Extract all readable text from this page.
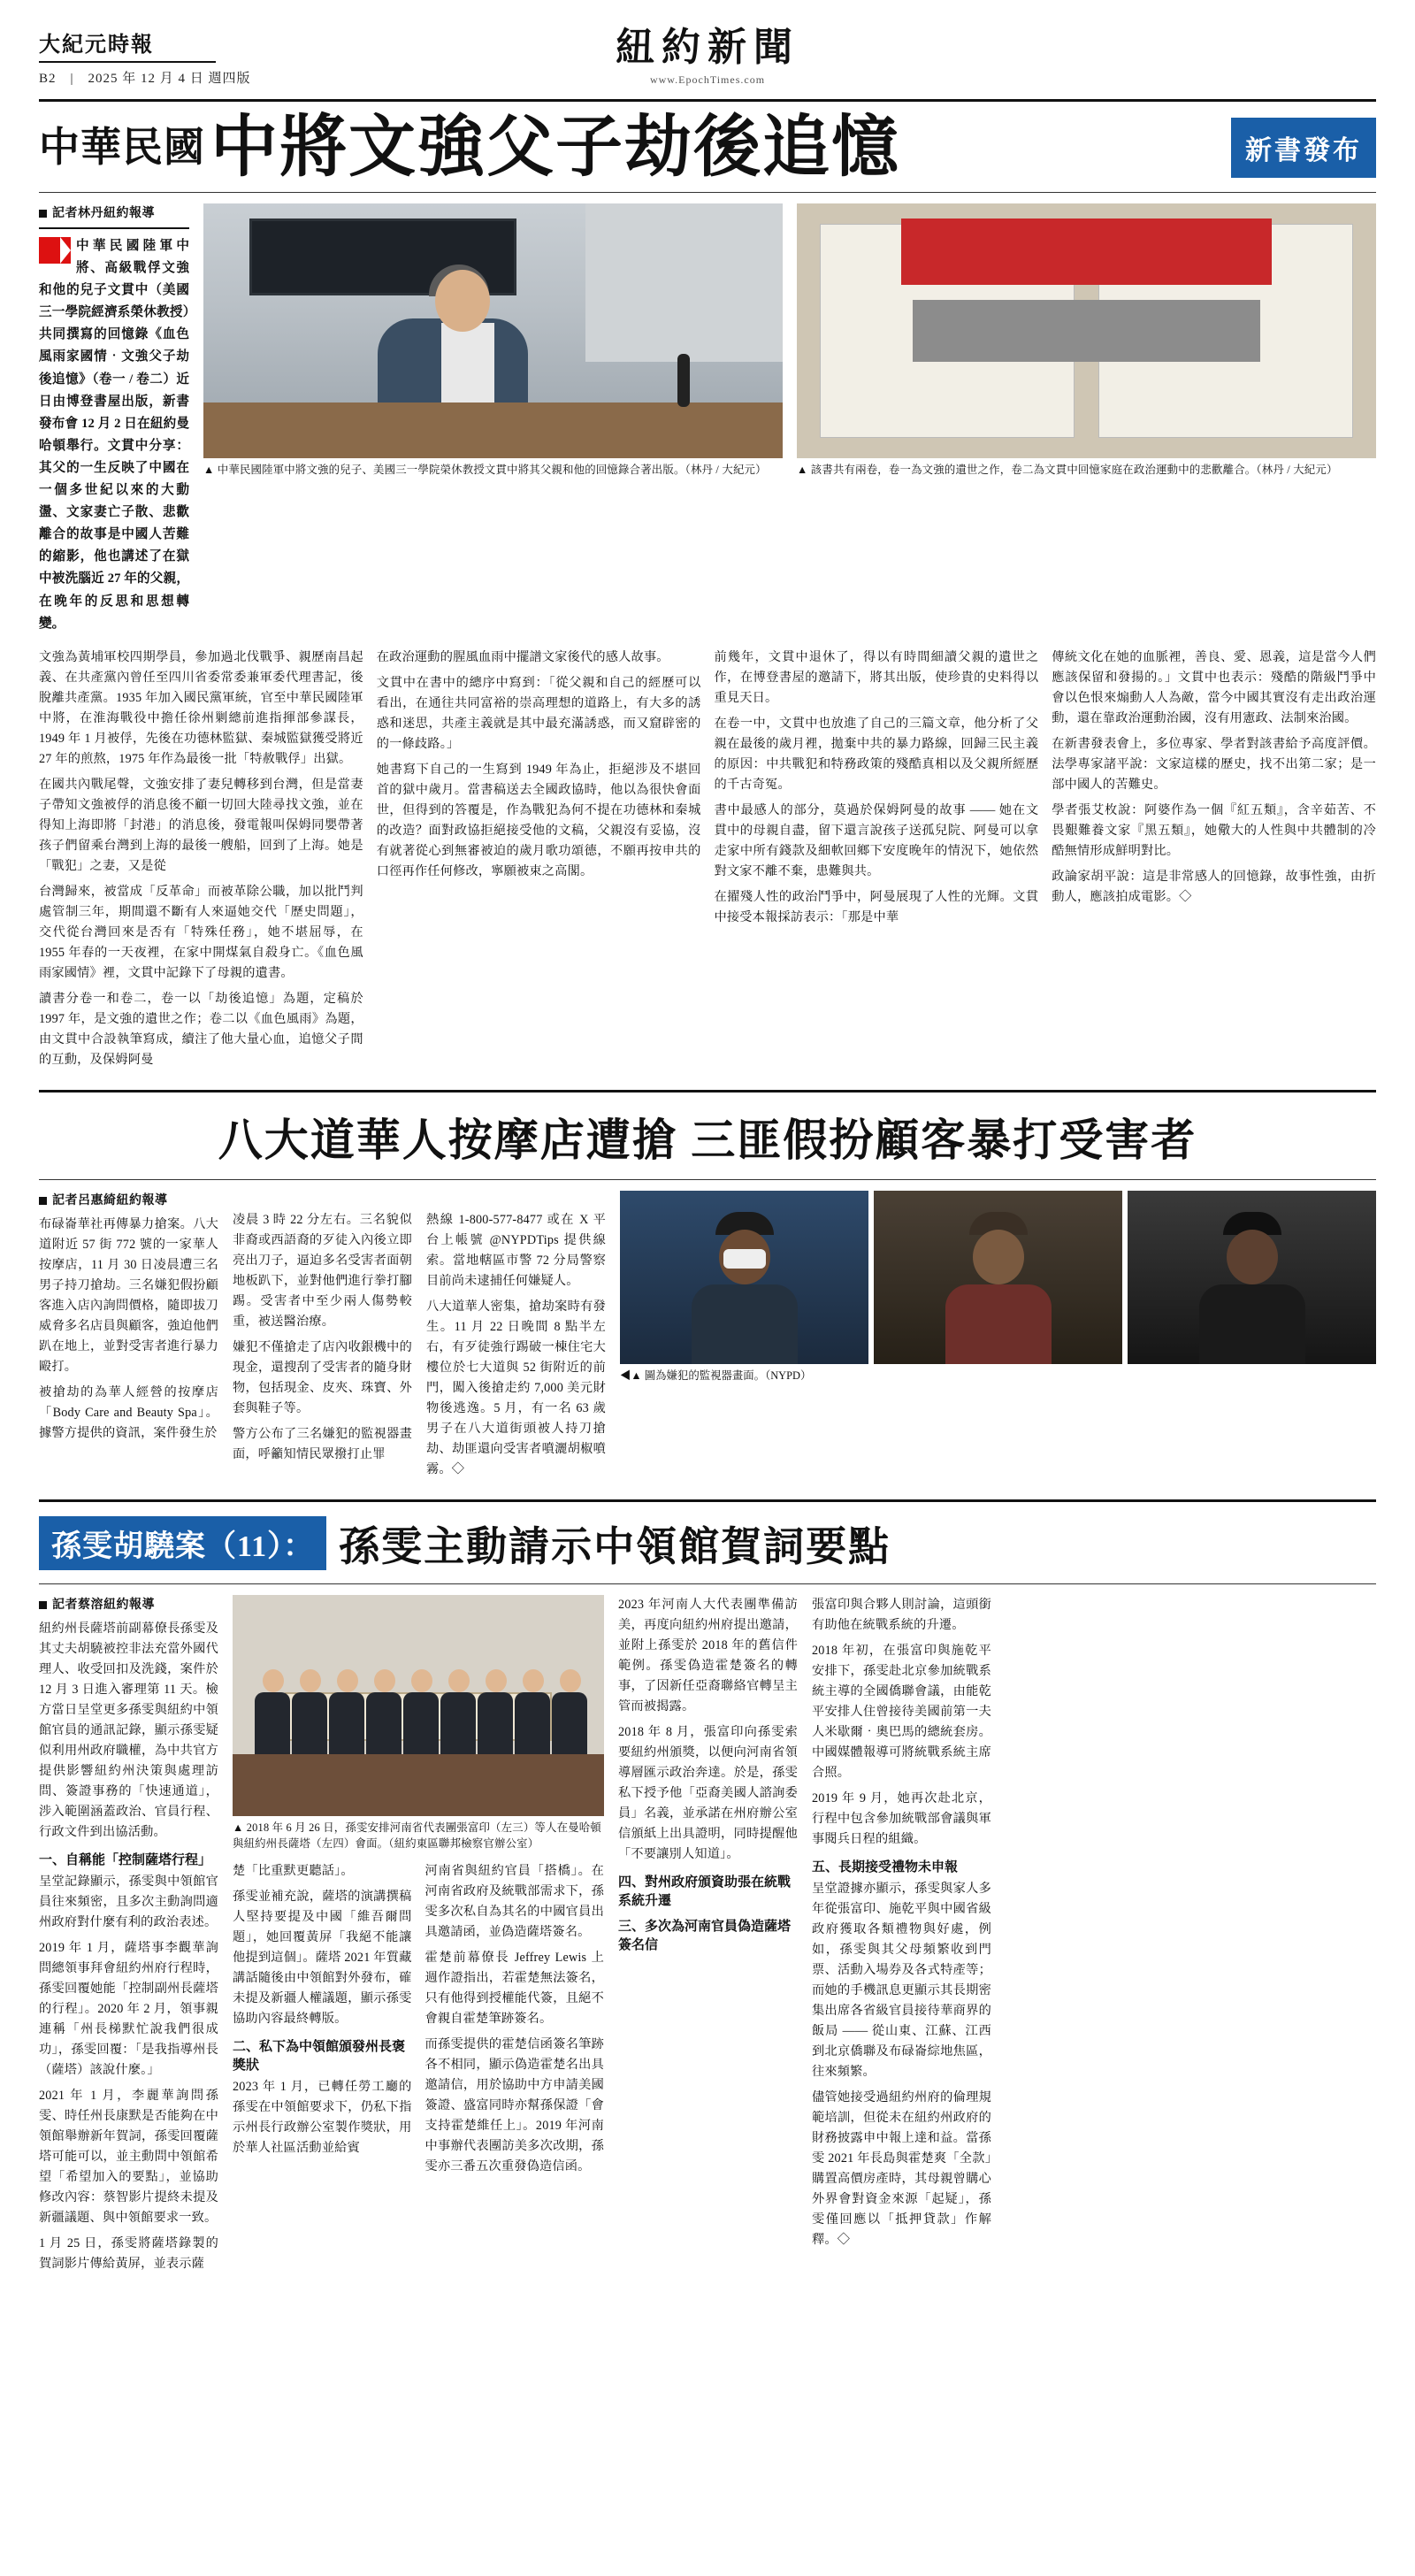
大紀元時報
B2　|　2025 年 12 月 4 日 週四版
紐約新聞
www.EpochTimes.com
中華民國 中將文強父子劫後追憶	新書發布
記者林丹紐約報導
中華民國陸軍中將、高級戰俘文強和他的兒子文貫中（美國三一學院經濟系榮休教授）共同撰寫的回憶錄《血色風雨家國情‧文強父子劫後追憶》（卷一 / 卷二）近日由博登書屋出版，新書發布會 12 月 2 日在紐約曼哈頓舉行。文貫中分享：其父的一生反映了中國在一個多世紀以來的大動盪、文家妻亡子散、悲歡離合的故事是中國人苦難的縮影，他也講述了在獄中被洗腦近 27 年的父親，在晚年的反思和思想轉變。
▲ 中華民國陸軍中將文強的兒子、美國三一學院榮休教授文貫中將其父親和他的回憶錄合著出版。（林丹 / 大紀元）	▲ 該書共有兩卷，卷一為文強的遺世之作，卷二為文貫中回憶家庭在政治運動中的悲歡離合。（林丹 / 大紀元）

文強為黃埔軍校四期學員，參加過北伐戰爭、親歷南昌起義、在共產黨內曾任至四川省委常委兼軍委代理書記，後脫離共產黨。1935 年加入國民黨軍統，官至中華民國陸軍中將，在淮海戰役中擔任徐州剿總前進指揮部參謀長，1949 年 1 月被俘，先後在功德林監獄、秦城監獄獲受將近 27 年的煎熬，1975 年作為最後一批「特赦戰俘」出獄。

在國共內戰尾聲，文強安排了妻兒轉移到台灣，但是當妻子帶知文強被俘的消息後不顧一切回大陸尋找文強，並在得知上海即將「封港」的消息後，發電報叫保姆同嬰帶著孩子們留乘台灣到上海的最後一艘船，回到了上海。她是「戰犯」之妻，又是從

台灣歸來，被當成「反革命」而被革除公職，加以批鬥判處管制三年，期間還不斷有人來逼她交代「歷史問題」，交代從台灣回來是否有「特殊任務」，她不堪屈辱，在 1955 年春的一天夜裡，在家中開煤氣自殺身亡。《血色風雨家國情》裡，文貫中記錄下了母親的遺書。

讀書分卷一和卷二，卷一以「劫後追憶」為題，定稿於 1997 年，是文強的遺世之作；卷二以《血色風雨》為題，由文貫中合設執筆寫成，續注了他大量心血，追憶父子間的互動，及保姆阿曼

在政治運動的腥風血雨中擺譜文家後代的感人故事。

文貫中在書中的總序中寫到：「從父親和自己的經歷可以看出，在通往共同富裕的崇高理想的道路上，有大多的誘惑和迷思，共產主義就是其中最充滿誘惑，而又窟辟密的的一條歧路。」

她書寫下自己的一生寫到 1949 年為止，拒絕涉及不堪回首的獄中歲月。當書稿送去全國政協時，他以為很快會面世，但得到的答覆是，作為戰犯為何不提在功德林和秦城的改造？面對政協拒絕接受他的文稿，父親沒有妥協，沒有就著從心到無審被迫的歲月歌功頌德，不願再按申共的口徑再作任何修改，寧願被束之高閣。

前幾年，文貫中退休了，得以有時間細讀父親的遺世之作，在博登書屋的邀請下，將其出版，使珍貴的史料得以重見天日。

在卷一中，文貫中也放進了自己的三篇文章，他分析了父親在最後的歲月裡，拋棄中共的暴力路線，回歸三民主義的原因：中共戰犯和特務政策的殘酷真相以及父親所經歷的千古奇冤。

書中最感人的部分，莫過於保姆阿曼的故事 —— 她在文貫中的母親自盡，留下還言說孩子送孤兒院、阿曼可以拿走家中所有錢款及細軟回鄉下安度晚年的情況下，她依然對文家不離不棄，患難與共。

在擢殘人性的政治鬥爭中，阿曼展現了人性的光輝。文貫中接受本報採訪表示：「那是中華

傳統文化在她的血脈裡，善良、愛、恩義，這是當今人們應該保留和發揚的。」文貫中也表示：殘酷的階級鬥爭中會以色恨來煽動人人為敵，當今中國其實沒有走出政治運動，還在靠政治運動治國，沒有用憲政、法制來治國。

在新書發表會上，多位專家、學者對該書給予高度評價。法學專家諸平說：文家這樣的歷史，找不出第二家；是一部中國人的苦難史。

學者張艾枚說：阿婆作為一個『紅五類』，含辛茹苦、不畏艱難養文家『黑五類』，她儆大的人性與中共體制的冷酷無情形成鮮明對比。

政論家胡平說：這是非常感人的回憶錄，故事性強，由折動人，應該拍成電影。◇

八大道華人按摩店遭搶 三匪假扮顧客暴打受害者
記者呂惠綺紐約報導

布碌崙華社再傳暴力搶案。八大道附近 57 街 772 號的一家華人按摩店，11 月 30 日凌晨遭三名男子持刀搶劫。三名嫌犯假扮顧客進入店內詢問價格，隨即拔刀威脅多名店員與顧客，強迫他們趴在地上，並對受害者進行暴力毆打。

被搶劫的為華人經營的按摩店「Body Care and Beauty Spa」。據警方提供的資訊，案件發生於

凌晨 3 時 22 分左右。三名貌似非裔或西語裔的歹徒入內後立即亮出刀子，逼迫多名受害者面朝地板趴下，並對他們進行拳打腳踢。受害者中至少兩人傷勢較重，被送醫治療。

嫌犯不僅搶走了店內收銀機中的現金，還搜刮了受害者的隨身財物，包括現金、皮夾、珠寶、外套與鞋子等。

警方公布了三名嫌犯的監視器畫面，呼籲知情民眾撥打止罪

熱線 1-800-577-8477 或在 X 平台上帳號 @NYPDTips 提供線索。當地轄區市警 72 分局警察目前尚未逮捕任何嫌疑人。

八大道華人密集，搶劫案時有發生。11 月 22 日晚間 8 點半左右，有歹徒強行踢破一棟住宅大樓位於七大道與 52 街附近的前門，闖入後搶走約 7,000 美元財物後逃逸。5 月，有一名 63 歲男子在八大道街頭被人持刀搶劫、劫匪還向受害者噴灑胡椒噴霧。◇

◀▲ 圖為嫌犯的監視器畫面。（NYPD）
孫雯胡驍案（11）： 孫雯主動請示中領館賀詞要點
記者蔡溶紐約報導

紐約州長薩塔前副幕僚長孫雯及其丈夫胡驍被控非法充當外國代理人、收受回扣及洗錢，案件於 12 月 3 日進入審理第 11 天。檢方當日呈堂更多孫雯與紐約中領館官員的通訊記錄，顯示孫雯疑似利用州政府職權，為中共官方提供影響紐約州決策與處理訪問、簽證事務的「快速通道」，涉入範圍涵蓋政治、官員行程、行政文件到出協活動。

一、自稱能「控制薩塔行程」

呈堂記錄顯示，孫雯與中領館官員往來頻密，且多次主動詢問適州政府對什麼有利的政治表述。

2019 年 1 月，薩塔事李觀華詢問總領事拜會紐約州府行程時，孫雯回覆她能「控制副州長薩塔的行程」。2020 年 2 月，領事親連稱「州長梯默忙說我們很成功」，孫雯回覆：「是我指導州長（薩塔）該說什麼。」

2021 年 1 月，李麗華詢問孫雯、時任州長康默是否能夠在中領館舉辦新年賀詞，孫雯回覆薩塔可能可以，並主動問中領館希望「希望加入的要點」，並協助修改內容：蔡智影片提終未提及新疆議題、與中領館要求一致。

1 月 25 日，孫雯將薩塔錄製的賀詞影片傳給黃屏，並表示薩

▲ 2018 年 6 月 26 日，孫雯安排河南省代表團張富印（左三）等人在曼哈頓與紐約州長薩塔（左四）會面。（紐約東區聯邦檢察官辦公室）

楚「比重默更聽話」。

孫雯並補充說，薩塔的演講撰稿人堅持要提及中國「維吾爾問題」，她回覆黃屏「我絕不能讓他提到這個」。薩塔 2021 年質藏講話隨後由中領館對外發布，確未提及新疆人權議題，顯示孫雯協助內容最終轉版。

二、私下為中領館頒發州長褒獎狀

2023 年 1 月，已轉任勞工廳的孫雯在中領館要求下，仍私下指示州長行政辦公室製作獎狀，用於華人社區活動並給賓

河南省與紐約官員「搭橋」。在河南省政府及統戰部需求下，孫雯多次私自為其名的中國官員出具邀請函，並偽造薩塔簽名。

霍楚前幕僚長 Jeffrey Lewis 上週作證指出，若霍楚無法簽名，只有他得到授權能代簽，且絕不會親自霍楚筆跡簽名。

而孫雯提供的霍楚信函簽名筆跡各不相同，顯示偽造霍楚名出具邀請信，用於協助中方申請美國簽證、盛富同時亦幫孫保證「會支持霍楚維任上」。2019 年河南中事辦代表團訪美多次改期，孫雯亦三番五次重發偽造信函。

2023 年河南人大代表團準備訪美，再度向紐約州府提出邀請，並附上孫雯於 2018 年的舊信件範例。孫雯偽造霍楚簽名的轉事，了因新任亞裔聯絡官轉呈主管而被揭露。

2018 年 8 月，張富印向孫雯索要紐約州頒獎，以便向河南省領導層匯示政治奔達。於是，孫雯私下授予他「亞裔美國人諮詢委員」名義，並承諾在州府辦公室信頒紙上出具證明，同時提醒他「不要讓別人知道」。

四、對州政府頒資助張在統戰系統升遷

三、多次為河南官員偽造薩塔簽名信

張富印與合夥人則討論，這頭銜有助他在統戰系統的升遷。

2018 年初，在張富印與施乾平安排下，孫雯赴北京參加統戰系統主導的全國僑聯會議，由能乾平安排人住曾接待美國前第一夫人米歇爾‧奧巴馬的總統套房。中國媒體報導可將統戰系統主席合照。

2019 年 9 月，她再次赴北京，行程中包含參加統戰部會議與軍事閱兵日程的組織。

五、長期接受禮物未申報

呈堂證據亦顯示，孫雯與家人多年從張富印、施乾平與中國省級政府獲取各類禮物與好處，例如，孫雯與其父母頻繁收到門票、活動入場券及各式特產等；而她的手機訊息更顯示其長期密集出席各省級官員接待華商界的飯局 —— 從山東、江蘇、江西到北京僑聯及布碌崙綜地焦區，往來頻繁。

儘管她接受過紐約州府的倫理規範培訓，但從未在紐約州政府的財務披露申中報上達和益。當孫雯 2021 年長島與霍楚爽「全款」購置高價房產時，其母親曾購心外界會對資金來源「起疑」，孫雯僅回應以「抵押貸款」作解釋。◇
